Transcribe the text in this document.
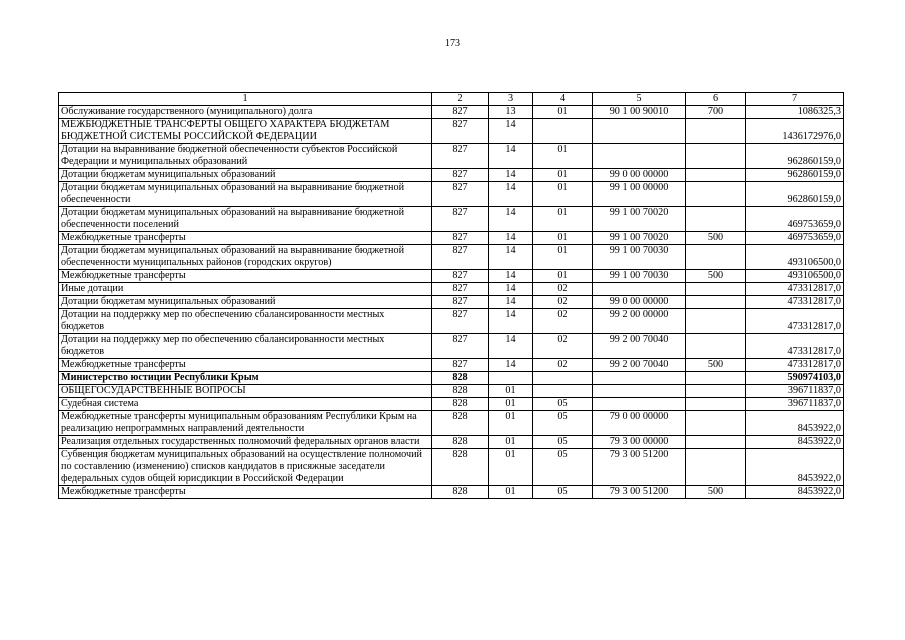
173
1	2	3	4	5	6	7
Обслуживание государственного (муниципального) долга	827	13	01	90 1 00 90010	700	1086325,3
МЕЖБЮДЖЕТНЫЕ ТРАНСФЕРТЫ ОБЩЕГО ХАРАКТЕРА БЮДЖЕТАМ БЮДЖЕТНОЙ СИСТЕМЫ РОССИЙСКОЙ ФЕДЕРАЦИИ	827	14				1436172976,0
Дотации на выравнивание бюджетной обеспеченности субъектов Российской Федерации и муниципальных образований	827	14	01			962860159,0
Дотации бюджетам муниципальных образований	827	14	01	99 0 00 00000		962860159,0
Дотации бюджетам муниципальных образований на выравнивание бюджетной обеспеченности	827	14	01	99 1 00 00000		962860159,0
Дотации бюджетам муниципальных образований на выравнивание бюджетной обеспеченности поселений	827	14	01	99 1 00 70020		469753659,0
Межбюджетные трансферты	827	14	01	99 1 00 70020	500	469753659,0
Дотации бюджетам муниципальных образований на выравнивание бюджетной обеспеченности муниципальных районов (городских округов)	827	14	01	99 1 00 70030		493106500,0
Межбюджетные трансферты	827	14	01	99 1 00 70030	500	493106500,0
Иные дотации	827	14	02			473312817,0
Дотации бюджетам муниципальных образований	827	14	02	99 0 00 00000		473312817,0
Дотации на поддержку мер по обеспечению сбалансированности местных бюджетов	827	14	02	99 2 00 00000		473312817,0
Дотации на поддержку мер по обеспечению сбалансированности местных бюджетов	827	14	02	99 2 00 70040		473312817,0
Межбюджетные трансферты	827	14	02	99 2 00 70040	500	473312817,0
Министерство юстиции Республики Крым	828					590974103,0
ОБЩЕГОСУДАРСТВЕННЫЕ ВОПРОСЫ	828	01				396711837,0
Судебная система	828	01	05			396711837,0
Межбюджетные трансферты муниципальным образованиям Республики Крым на реализацию непрограммных направлений деятельности	828	01	05	79 0 00 00000		8453922,0
Реализация отдельных государственных полномочий федеральных органов власти	828	01	05	79 3 00 00000		8453922,0
Субвенция бюджетам муниципальных образований на осуществление полномочий по составлению (изменению) списков кандидатов в присяжные заседатели федеральных судов общей юрисдикции в Российской Федерации	828	01	05	79 3 00 51200		8453922,0
Межбюджетные трансферты	828	01	05	79 3 00 51200	500	8453922,0
